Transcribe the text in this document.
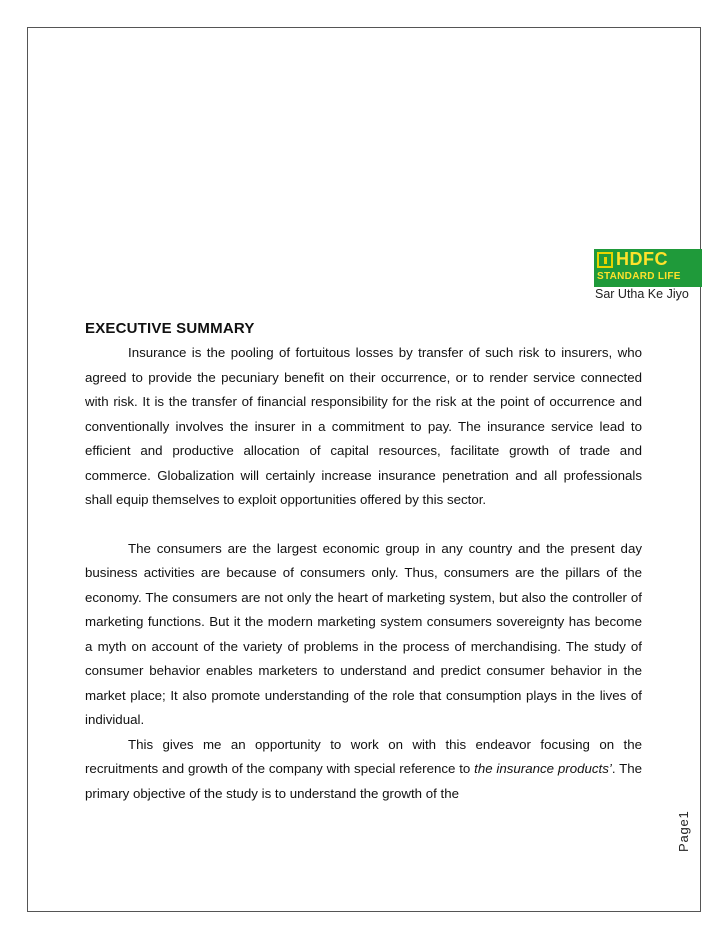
HDFC
STANDARD LIFE
Sar Utha Ke Jiyo
EXECUTIVE SUMMARY

Insurance is the pooling of fortuitous losses by transfer of such risk to insurers, who agreed to provide the pecuniary benefit on their occurrence, or to render service connected with risk. It is the transfer of financial responsibility for the risk at the point of occurrence and conventionally involves the insurer in a commitment to pay. The insurance service lead to efficient and productive allocation of capital resources, facilitate growth of trade and commerce. Globalization will certainly increase insurance penetration and all professionals shall equip themselves to exploit opportunities offered by this sector.

The consumers are the largest economic group in any country and the present day business activities are because of consumers only. Thus, consumers are the pillars of the economy. The consumers are not only the heart of marketing system, but also the controller of marketing functions. But it the modern marketing system consumers sovereignty has become a myth on account of the variety of problems in the process of merchandising. The study of consumer behavior enables marketers to understand and predict consumer behavior in the market place; It also promote understanding of the role that consumption plays in the lives of individual.

This gives me an opportunity to work on with this endeavor focusing on the recruitments and growth of the company with special reference to the insurance products’. The primary objective of the study is to understand the growth of the

Page1
